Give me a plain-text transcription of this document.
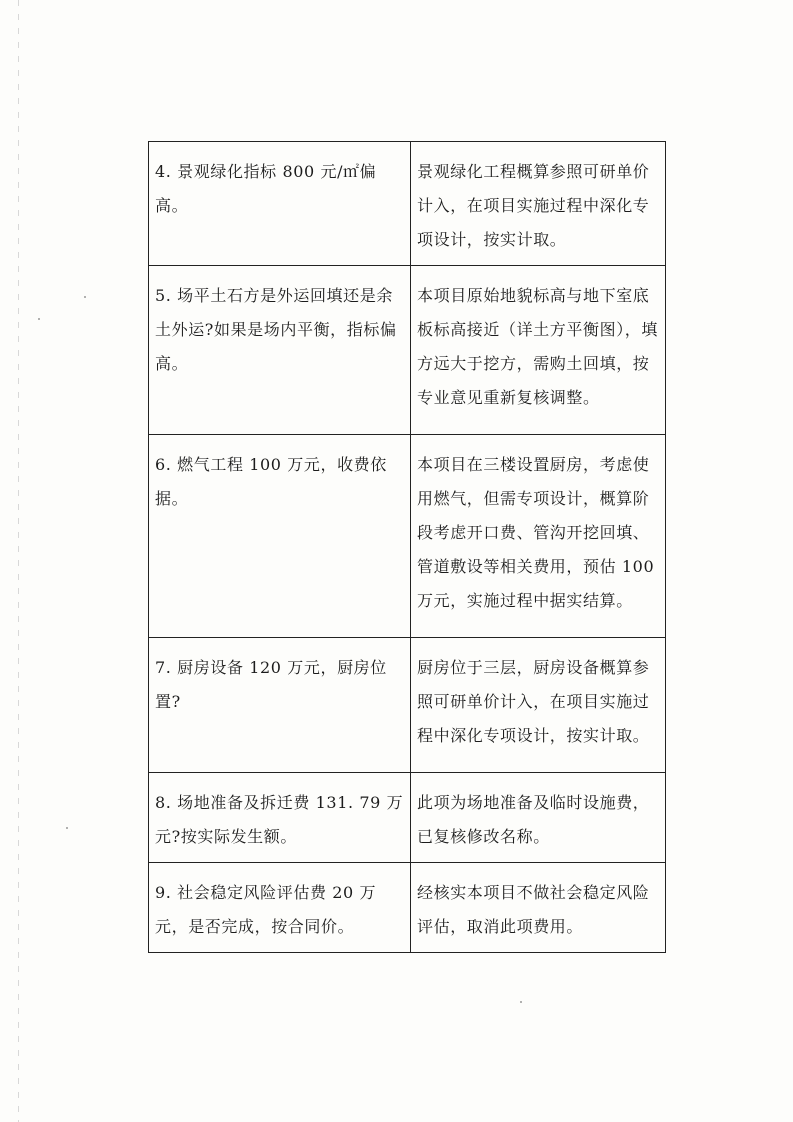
4. 景观绿化指标 800 元/㎡偏高。	景观绿化工程概算参照可研单价计入，在项目实施过程中深化专项设计，按实计取。
5. 场平土石方是外运回填还是余土外运?如果是场内平衡，指标偏高。	本项目原始地貌标高与地下室底板标高接近（详土方平衡图），填方远大于挖方，需购土回填，按专业意见重新复核调整。
6. 燃气工程 100 万元，收费依据。	本项目在三楼设置厨房，考虑使用燃气，但需专项设计，概算阶段考虑开口费、管沟开挖回填、管道敷设等相关费用，预估 100 万元，实施过程中据实结算。
7. 厨房设备 120 万元，厨房位置?	厨房位于三层，厨房设备概算参照可研单价计入，在项目实施过程中深化专项设计，按实计取。
8. 场地准备及拆迁费 131. 79 万元?按实际发生额。	此项为场地准备及临时设施费，已复核修改名称。
9. 社会稳定风险评估费 20 万元，是否完成，按合同价。	经核实本项目不做社会稳定风险评估，取消此项费用。
